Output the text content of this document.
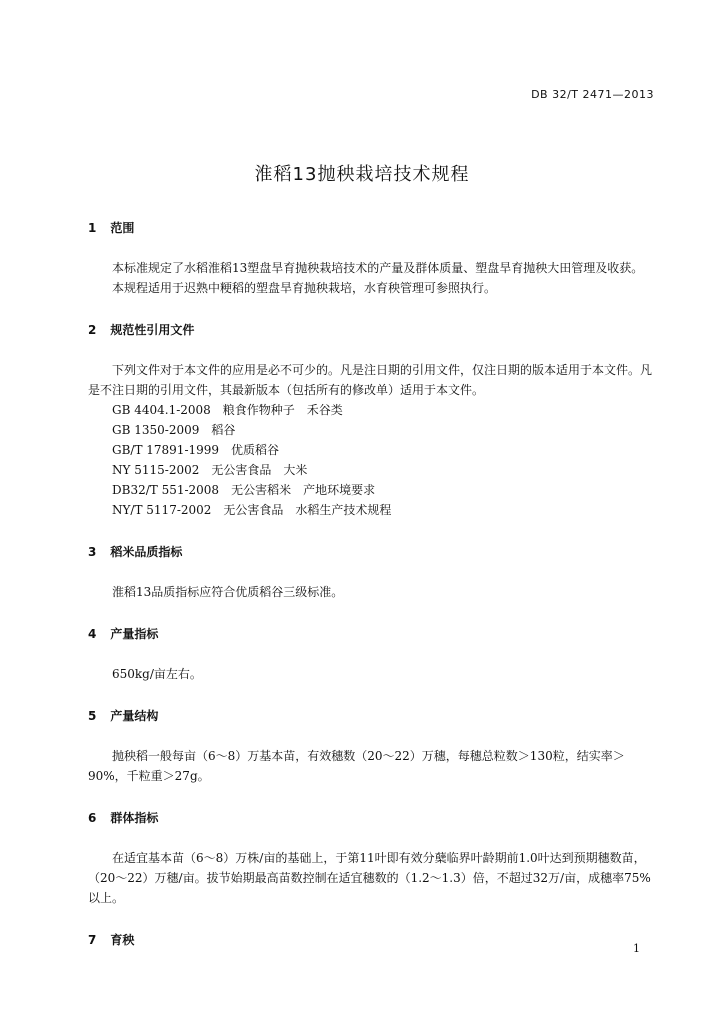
DB 32/T 2471—2013
淮稻13抛秧栽培技术规程
1 范围

本标准规定了水稻淮稻13塑盘旱育抛秧栽培技术的产量及群体质量、塑盘旱育抛秧大田管理及收获。

本规程适用于迟熟中粳稻的塑盘旱育抛秧栽培，水育秧管理可参照执行。

2 规范性引用文件

下列文件对于本文件的应用是必不可少的。凡是注日期的引用文件，仅注日期的版本适用于本文件。凡是不注日期的引用文件，其最新版本（包括所有的修改单）适用于本文件。

GB 4404.1-2008　粮食作物种子　禾谷类

GB 1350-2009　稻谷

GB/T 17891-1999　优质稻谷

NY 5115-2002　无公害食品　大米

DB32/T 551-2008　无公害稻米　产地环境要求

NY/T 5117-2002　无公害食品　水稻生产技术规程

3 稻米品质指标

淮稻13品质指标应符合优质稻谷三级标准。

4 产量指标

650kg/亩左右。

5 产量结构

抛秧稻一般每亩（6～8）万基本苗，有效穗数（20～22）万穗，每穗总粒数＞130粒，结实率＞90%，千粒重＞27g。

6 群体指标

在适宜基本苗（6～8）万株/亩的基础上，于第11叶即有效分蘖临界叶龄期前1.0叶达到预期穗数苗，（20～22）万穗/亩。拔节始期最高苗数控制在适宜穗数的（1.2～1.3）倍，不超过32万/亩，成穗率75%以上。

7 育秧
1
